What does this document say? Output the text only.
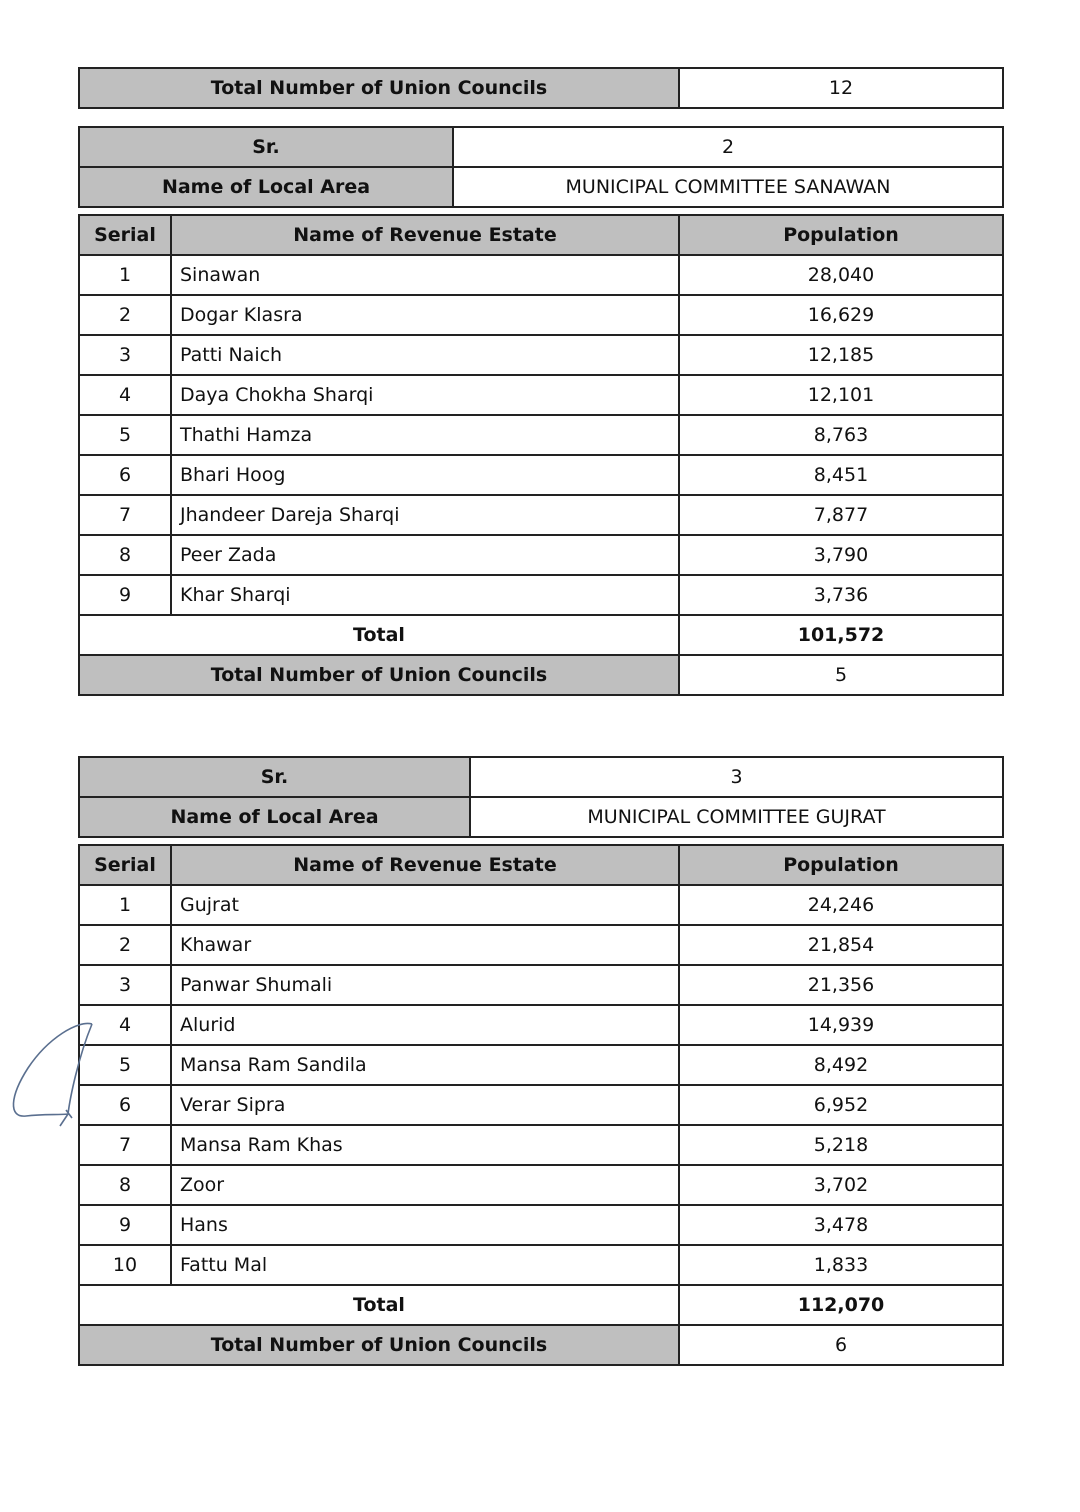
Total Number of Union Councils	12
Sr.	2
Name of Local Area	MUNICIPAL COMMITTEE SANAWAN
Serial	Name of Revenue Estate	Population
1	Sinawan	28,040
2	Dogar Klasra	16,629
3	Patti Naich	12,185
4	Daya Chokha Sharqi	12,101
5	Thathi Hamza	8,763
6	Bhari Hoog	8,451
7	Jhandeer Dareja Sharqi	7,877
8	Peer Zada	3,790
9	Khar Sharqi	3,736
Total		101,572
Total Number of Union Councils		5
Sr.	3
Name of Local Area	MUNICIPAL COMMITTEE GUJRAT
Serial	Name of Revenue Estate	Population
1	Gujrat	24,246
2	Khawar	21,854
3	Panwar Shumali	21,356
4	Alurid	14,939
5	Mansa Ram Sandila	8,492
6	Verar Sipra	6,952
7	Mansa Ram Khas	5,218
8	Zoor	3,702
9	Hans	3,478
10	Fattu Mal	1,833
Total		112,070
Total Number of Union Councils		6
